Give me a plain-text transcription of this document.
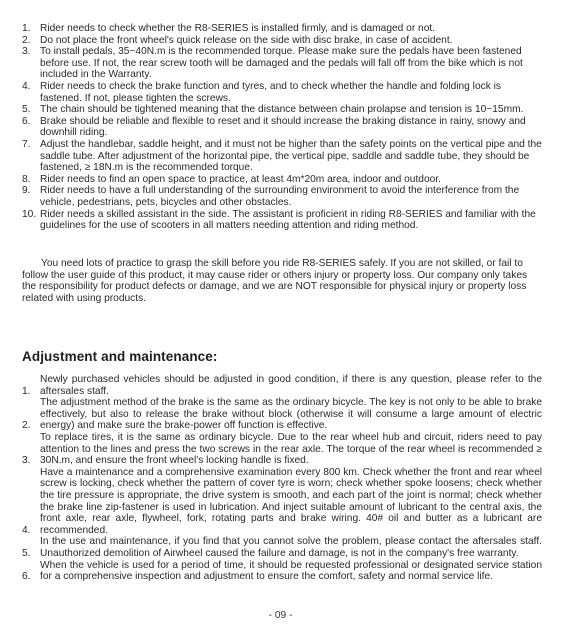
1. Rider needs to check whether the R8-SERIES is installed firmly, and is damaged or not.
2. Do not place the front wheel's quick release on the side with disc brake, in case of accident.
3. To install pedals, 35~40N.m is the recommended torque. Please make sure the pedals have been fastened before use. If not, the rear screw tooth will be damaged and the pedals will fall off from the bike which is not included in the Warranty.
4. Rider needs to check the brake function and tyres, and to check whether the handle and folding lock is fastened. If not, please tighten the screws.
5. The chain should be tightened meaning that the distance between chain prolapse and tension is 10~15mm.
6. Brake should be reliable and flexible to reset and it should increase the braking distance in rainy, snowy and downhill riding.
7. Adjust the handlebar, saddle height, and it must not be higher than the safety points on the vertical pipe and the saddle tube. After adjustment of the horizontal pipe, the vertical pipe, saddle and saddle tube, they should be fastened, ≥ 18N.m is the recommended torque.
8. Rider needs to find an open space to practice, at least 4m*20m area, indoor and outdoor.
9. Rider needs to have a full understanding of the surrounding environment to avoid the interference from the vehicle, pedestrians, pets, bicycles and other obstacles.
10. Rider needs a skilled assistant in the side. The assistant is proficient in riding R8-SERIES and familiar with the guidelines for the use of scooters in all matters needing attention and riding method.

You need lots of practice to grasp the skill before you ride R8-SERIES safely. If you are not skilled, or fail to follow the user guide of this product, it may cause rider or others injury or property loss. Our company only takes the responsibility for product defects or damage, and we are NOT responsible for physical injury or property loss related with using products.

Adjustment and maintenance:
1.
Newly purchased vehicles should be adjusted in good condition, if there is any question, please refer to the aftersales staff.
2.
The adjustment method of the brake is the same as the ordinary bicycle. The key is not only to be able to brake effectively, but also to release the brake without block (otherwise it will consume a large amount of electric energy) and make sure the brake-power off function is effective.
3.
To replace tires, it is the same as ordinary bicycle. Due to the rear wheel hub and circuit, riders need to pay attention to the lines and press the two screws in the rear axle. The torque of the rear wheel is recommended ≥ 30N.m, and ensure the front wheel's locking handle is fixed.
4.
Have a maintenance and a comprehensive examination every 800 km. Check whether the front and rear wheel screw is locking, check whether the pattern of cover tyre is worn; check whether spoke loosens; check whether the tire pressure is appropriate, the drive system is smooth, and each part of the joint is normal; check whether the brake line zip-fastener is used in lubrication. And inject suitable amount of lubricant to the central axis, the front axle, rear axle, flywheel, fork, rotating parts and brake wiring. 40# oil and butter as a lubricant are recommended.
5.
In the use and maintenance, if you find that you cannot solve the problem, please contact the aftersales staff. Unauthorized demolition of Airwheel caused the failure and damage, is not in the company's free warranty.
6.
When the vehicle is used for a period of time, it should be requested professional or designated service station for a comprehensive inspection and adjustment to ensure the comfort, safety and normal service life.
- 09 -
